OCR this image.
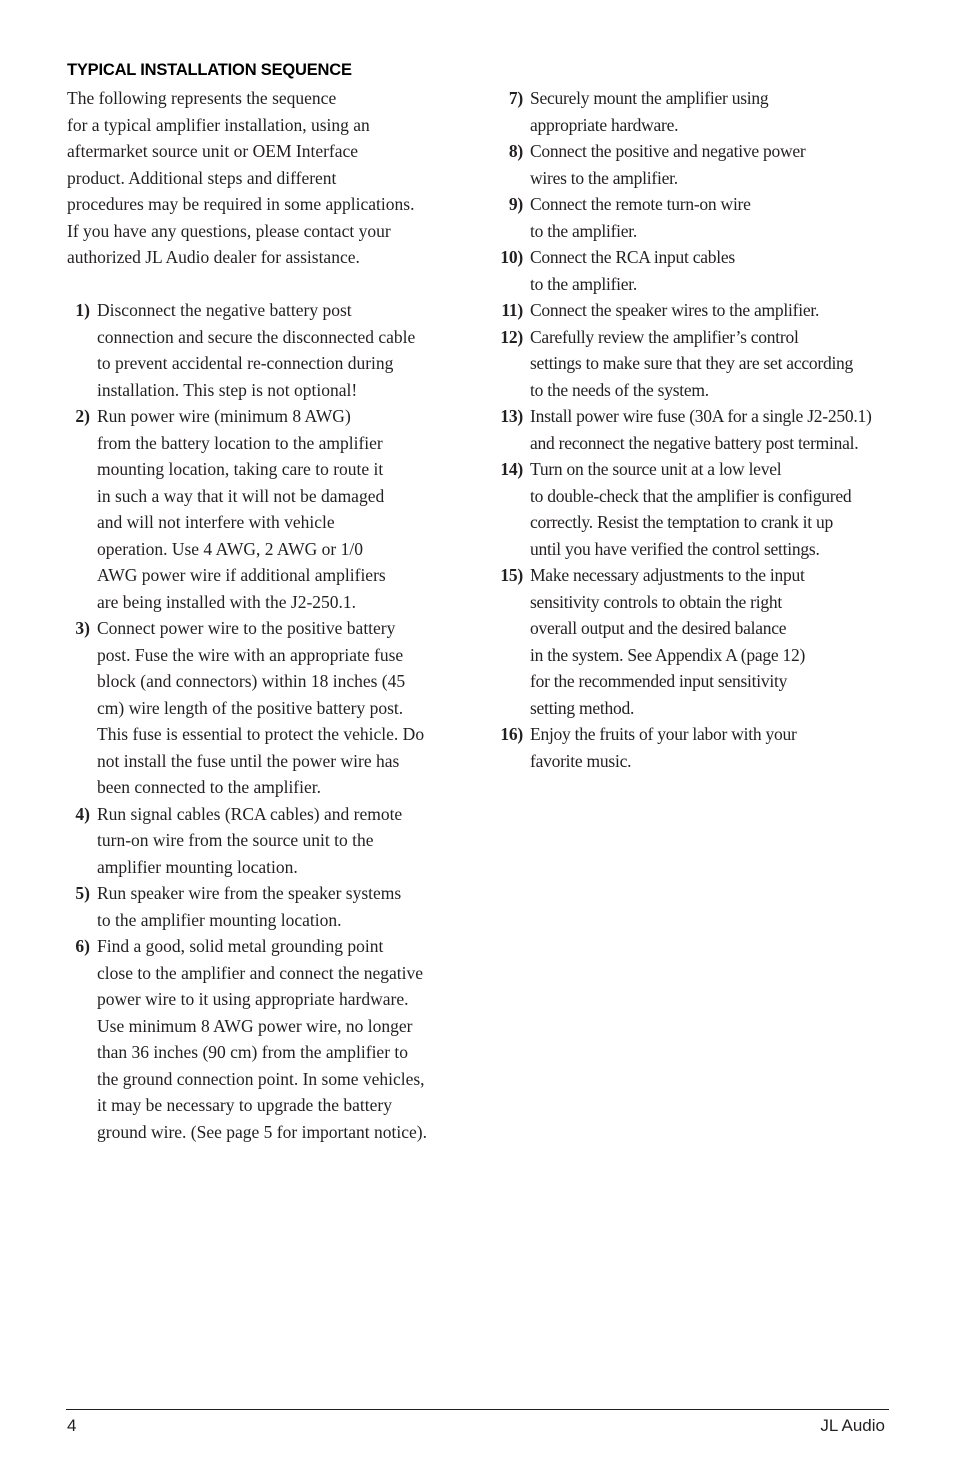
TYPICAL INSTALLATION SEQUENCE

The following represents the sequence
for a typical amplifier installation, using an
aftermarket source unit or OEM Interface
product. Additional steps and different
procedures may be required in some applications.
If you have any questions, please contact your
authorized JL Audio dealer for assistance.

1) Disconnect the negative battery post
connection and secure the disconnected cable
to prevent accidental re-connection during
installation. This step is not optional!
2) Run power wire (minimum 8 AWG)
from the battery location to the amplifier
mounting location, taking care to route it
in such a way that it will not be damaged
and will not interfere with vehicle
operation. Use 4 AWG, 2 AWG or 1/0
AWG power wire if additional amplifiers
are being installed with the J2-250.1.
3) Connect power wire to the positive battery
post. Fuse the wire with an appropriate fuse
block (and connectors) within 18 inches (45
cm) wire length of the positive battery post.
This fuse is essential to protect the vehicle. Do
not install the fuse until the power wire has
been connected to the amplifier.
4) Run signal cables (RCA cables) and remote
turn-on wire from the source unit to the
amplifier mounting location.
5) Run speaker wire from the speaker systems
to the amplifier mounting location.
6) Find a good, solid metal grounding point
close to the amplifier and connect the negative
power wire to it using appropriate hardware.
Use minimum 8 AWG power wire, no longer
than 36 inches (90 cm) from the amplifier to
the ground connection point. In some vehicles,
it may be necessary to upgrade the battery
ground wire. (See page 5 for important notice).
7) Securely mount the amplifier using
appropriate hardware.
8) Connect the positive and negative power
wires to the amplifier.
9) Connect the remote turn-on wire
to the amplifier.
10) Connect the RCA input cables
to the amplifier.
11) Connect the speaker wires to the amplifier.
12) Carefully review the amplifier’s control
settings to make sure that they are set according
to the needs of the system.
13) Install power wire fuse (30A for a single J2-250.1)
and reconnect the negative battery post terminal.
14) Turn on the source unit at a low level
to double-check that the amplifier is configured
correctly. Resist the temptation to crank it up
until you have verified the control settings.
15) Make necessary adjustments to the input
sensitivity controls to obtain the right
overall output and the desired balance
in the system. See Appendix A (page 12)
for the recommended input sensitivity
setting method.
16) Enjoy the fruits of your labor with your
favorite music.
4	JL Audio
